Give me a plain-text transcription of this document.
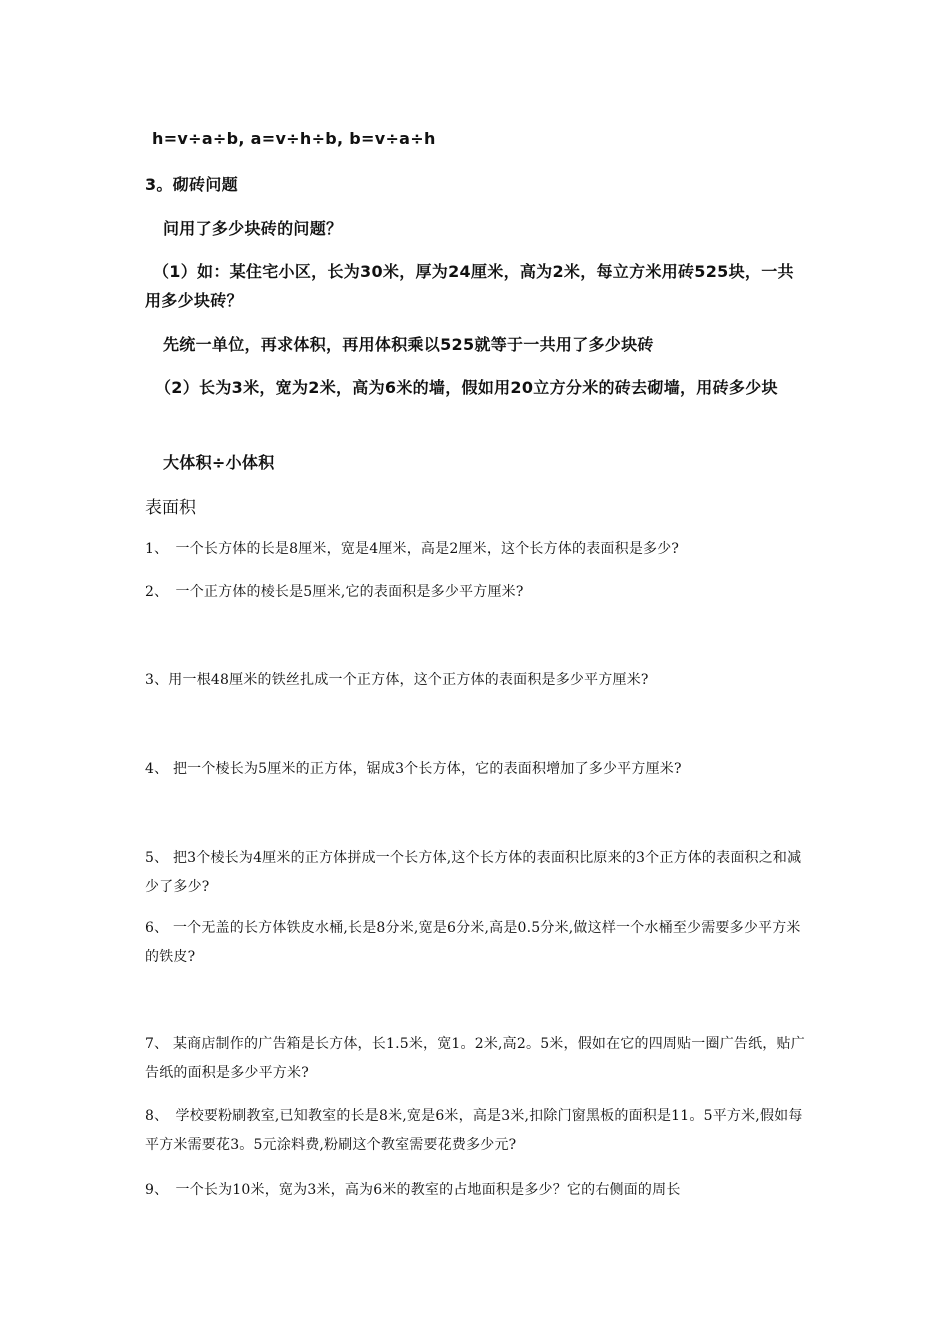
h=v÷a÷b, a=v÷h÷b, b=v÷a÷h
3。砌砖问题
问用了多少块砖的问题？
（1）如：某住宅小区，长为30米，厚为24厘米，高为2米，每立方米用砖525块，一共用多少块砖？
先统一单位，再求体积，再用体积乘以525就等于一共用了多少块砖
（2）长为3米，宽为2米，高为6米的墙，假如用20立方分米的砖去砌墙，用砖多少块
大体积÷小体积
表面积
1、　一个长方体的长是8厘米，宽是4厘米，高是2厘米，这个长方体的表面积是多少?
2、　一个正方体的棱长是5厘米,它的表面积是多少平方厘米?
3、用一根48厘米的铁丝扎成一个正方体，这个正方体的表面积是多少平方厘米?
4、 把一个棱长为5厘米的正方体，锯成3个长方体，它的表面积增加了多少平方厘米?
5、 把3个棱长为4厘米的正方体拼成一个长方体,这个长方体的表面积比原来的3个正方体的表面积之和减少了多少?
6、 一个无盖的长方体铁皮水桶,长是8分米,宽是6分米,高是0.5分米,做这样一个水桶至少需要多少平方米的铁皮?
7、 某商店制作的广告箱是长方体，长1.5米，宽1。2米,高2。5米，假如在它的四周贴一圈广告纸，贴广告纸的面积是多少平方米?
8、　学校要粉刷教室,已知教室的长是8米,宽是6米，高是3米,扣除门窗黑板的面积是11。5平方米,假如每平方米需要花3。5元涂料费,粉刷这个教室需要花费多少元?
9、　一个长为10米，宽为3米，高为6米的教室的占地面积是多少？它的右侧面的周长
